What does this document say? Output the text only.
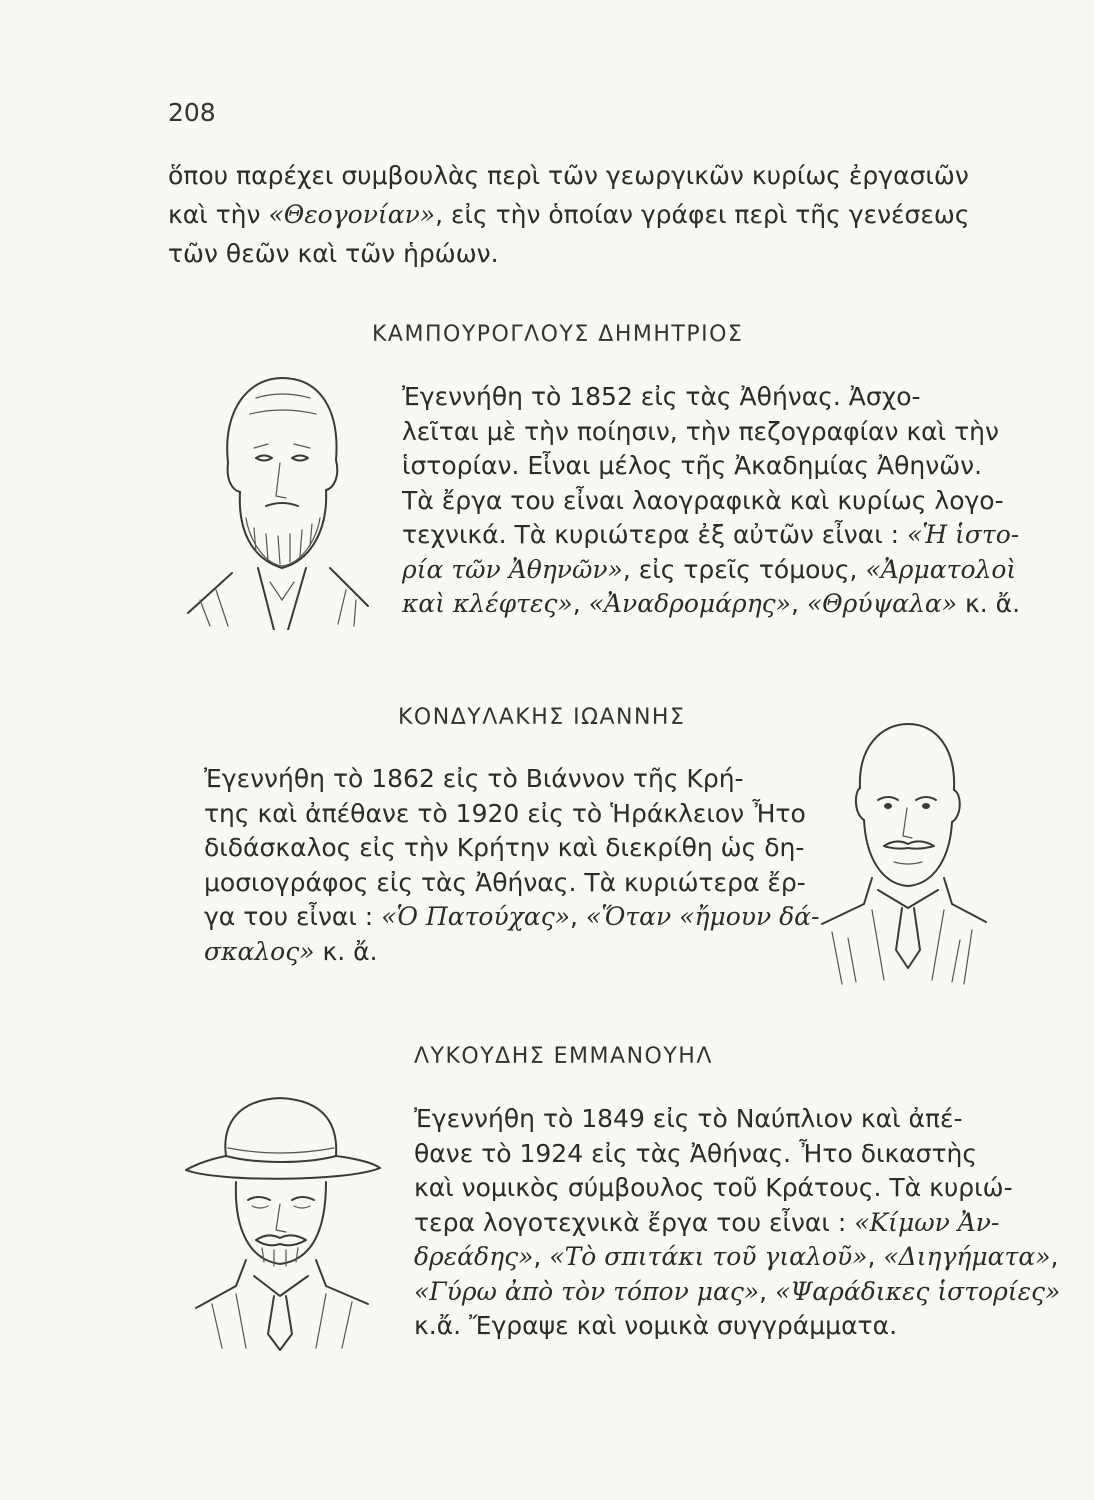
208
ὅπου παρέχει συμβουλὰς περὶ τῶν γεωργικῶν κυρίως ἐργασιῶν
καὶ τὴν «Θεογονίαν», εἰς τὴν ὁποίαν γράφει περὶ τῆς γενέσεως
τῶν θεῶν καὶ τῶν ἡρώων.
ΚΑΜΠΟΥΡΟΓΛΟΥΣ ΔΗΜΗΤΡΙΟΣ
Ἐγεννήθη τὸ 1852 εἰς τὰς Ἀθήνας. Ἀσχο-
λεῖται μὲ τὴν ποίησιν, τὴν πεζογραφίαν καὶ τὴν
ἱστορίαν. Εἶναι μέλος τῆς Ἀκαδημίας Ἀθηνῶν.
Τὰ ἔργα του εἶναι λαογραφικὰ καὶ κυρίως λογο-
τεχνικά. Τὰ κυριώτερα ἐξ αὐτῶν εἶναι : «Ἡ ἱστο-
ρία τῶν Ἀθηνῶν», εἰς τρεῖς τόμους, «Ἀρματολοὶ
καὶ κλέφτες», «Ἀναδρομάρης», «Θρύψαλα» κ. ἄ.
ΚΟΝΔΥΛΑΚΗΣ ΙΩΑΝΝΗΣ
Ἐγεννήθη τὸ 1862 εἰς τὸ Βιάννον τῆς Κρή-
της καὶ ἀπέθανε τὸ 1920 εἰς τὸ Ἡράκλειον Ἦτο
διδάσκαλος εἰς τὴν Κρήτην καὶ διεκρίθη ὡς δη-
μοσιογράφος εἰς τὰς Ἀθήνας. Τὰ κυριώτερα ἔρ-
γα του εἶναι : «Ὁ Πατούχας», «Ὅταν «ἤμουν δά-
σκαλος» κ. ἄ.
ΛΥΚΟΥΔΗΣ ΕΜΜΑΝΟΥΗΛ
Ἐγεννήθη τὸ 1849 εἰς τὸ Ναύπλιον καὶ ἀπέ-
θανε τὸ 1924 εἰς τὰς Ἀθήνας. Ἦτο δικαστὴς
καὶ νομικὸς σύμβουλος τοῦ Κράτους. Τὰ κυριώ-
τερα λογοτεχνικὰ ἔργα του εἶναι : «Κίμων Ἀν-
δρεάδης», «Τὸ σπιτάκι τοῦ γιαλοῦ», «Διηγήματα»,
«Γύρω ἀπὸ τὸν τόπον μας», «Ψαράδικες ἱστορίες»
κ.ἄ. Ἔγραψε καὶ νομικὰ συγγράμματα.
